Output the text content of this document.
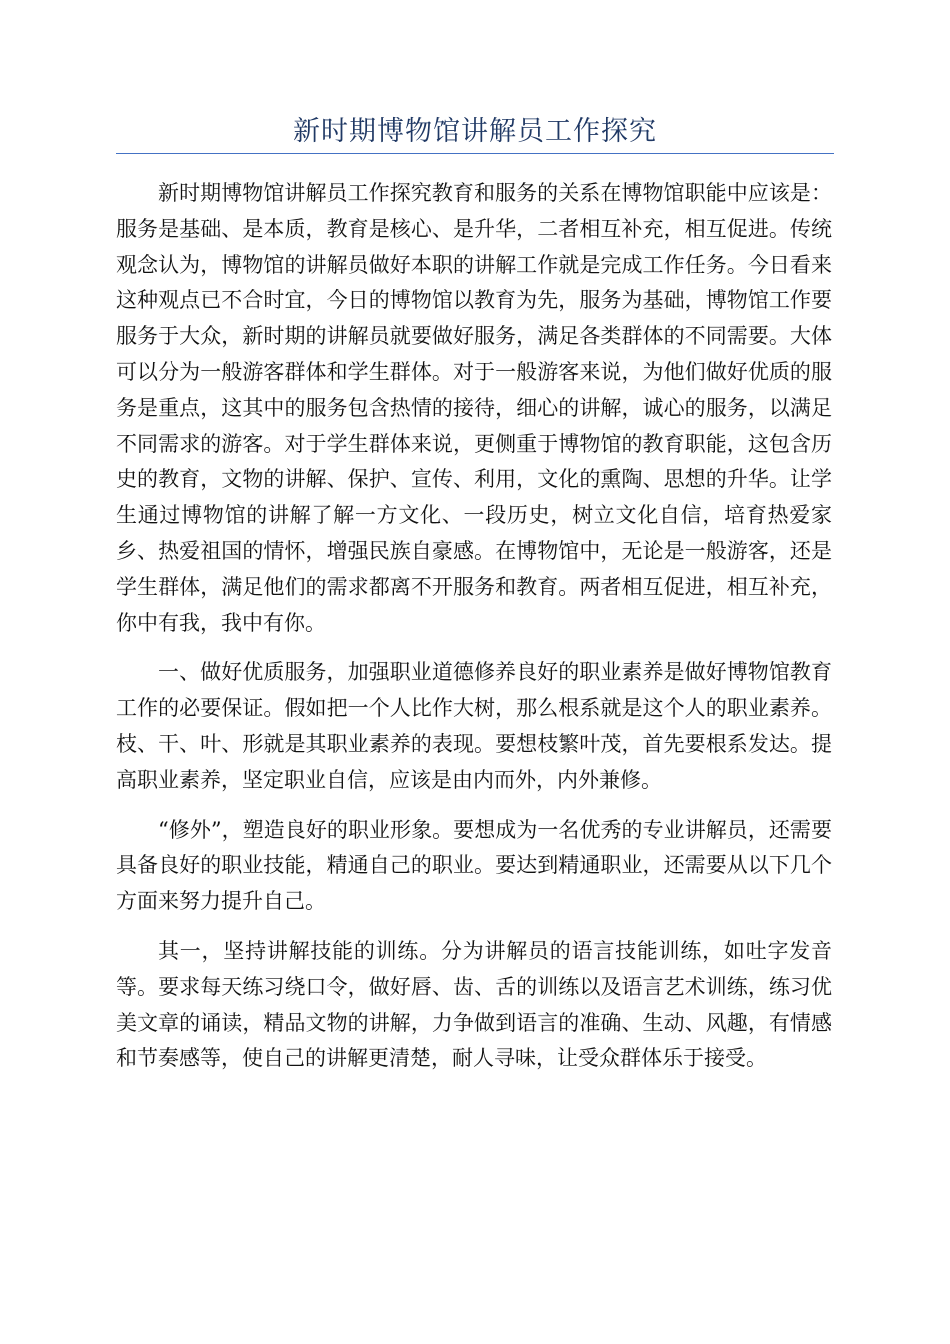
新时期博物馆讲解员工作探究

新时期博物馆讲解员工作探究教育和服务的关系在博物馆职能中应该是：服务是基础、是本质，教育是核心、是升华，二者相互补充，相互促进。传统观念认为，博物馆的讲解员做好本职的讲解工作就是完成工作任务。今日看来这种观点已不合时宜，今日的博物馆以教育为先，服务为基础，博物馆工作要服务于大众，新时期的讲解员就要做好服务，满足各类群体的不同需要。大体可以分为一般游客群体和学生群体。对于一般游客来说，为他们做好优质的服务是重点，这其中的服务包含热情的接待，细心的讲解，诚心的服务，以满足不同需求的游客。对于学生群体来说，更侧重于博物馆的教育职能，这包含历史的教育，文物的讲解、保护、宣传、利用，文化的熏陶、思想的升华。让学生通过博物馆的讲解了解一方文化、一段历史，树立文化自信，培育热爱家乡、热爱祖国的情怀，增强民族自豪感。在博物馆中，无论是一般游客，还是学生群体，满足他们的需求都离不开服务和教育。两者相互促进，相互补充，你中有我，我中有你。

一、做好优质服务，加强职业道德修养良好的职业素养是做好博物馆教育工作的必要保证。假如把一个人比作大树，那么根系就是这个人的职业素养。枝、干、叶、形就是其职业素养的表现。要想枝繁叶茂，首先要根系发达。提高职业素养，坚定职业自信，应该是由内而外，内外兼修。

“修外”，塑造良好的职业形象。要想成为一名优秀的专业讲解员，还需要具备良好的职业技能，精通自己的职业。要达到精通职业，还需要从以下几个方面来努力提升自己。

其一，坚持讲解技能的训练。分为讲解员的语言技能训练，如吐字发音等。要求每天练习绕口令，做好唇、齿、舌的训练以及语言艺术训练，练习优美文章的诵读，精品文物的讲解，力争做到语言的准确、生动、风趣，有情感和节奏感等，使自己的讲解更清楚，耐人寻味，让受众群体乐于接受。
